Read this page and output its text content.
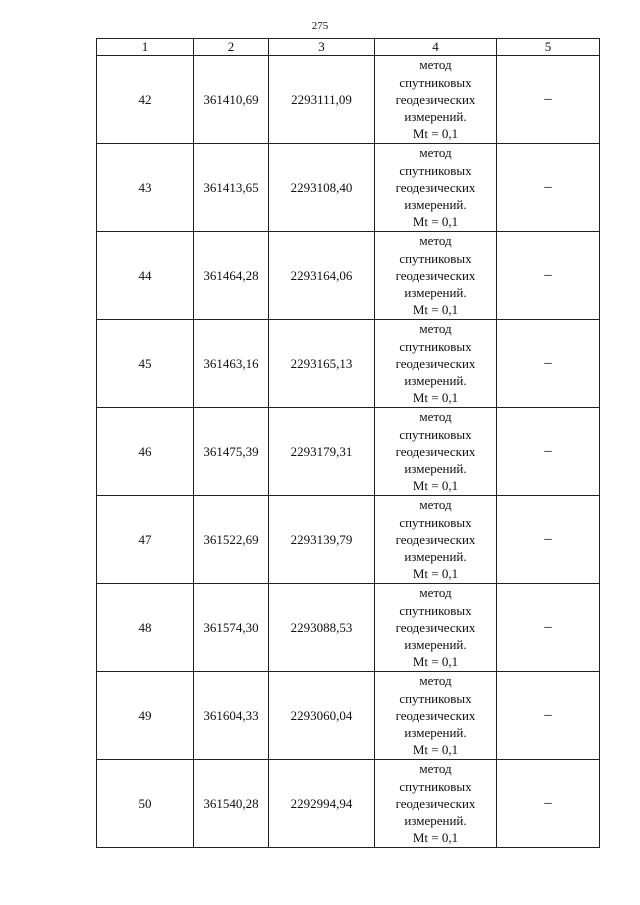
275
1	2	3	4	5
42	361410,69	2293111,09	метод
спутниковых
геодезических
измерений.
Mt = 0,1	–
43	361413,65	2293108,40	метод
спутниковых
геодезических
измерений.
Mt = 0,1	–
44	361464,28	2293164,06	метод
спутниковых
геодезических
измерений.
Mt = 0,1	–
45	361463,16	2293165,13	метод
спутниковых
геодезических
измерений.
Mt = 0,1	–
46	361475,39	2293179,31	метод
спутниковых
геодезических
измерений.
Mt = 0,1	–
47	361522,69	2293139,79	метод
спутниковых
геодезических
измерений.
Mt = 0,1	–
48	361574,30	2293088,53	метод
спутниковых
геодезических
измерений.
Mt = 0,1	–
49	361604,33	2293060,04	метод
спутниковых
геодезических
измерений.
Mt = 0,1	–
50	361540,28	2292994,94	метод
спутниковых
геодезических
измерений.
Mt = 0,1	–
